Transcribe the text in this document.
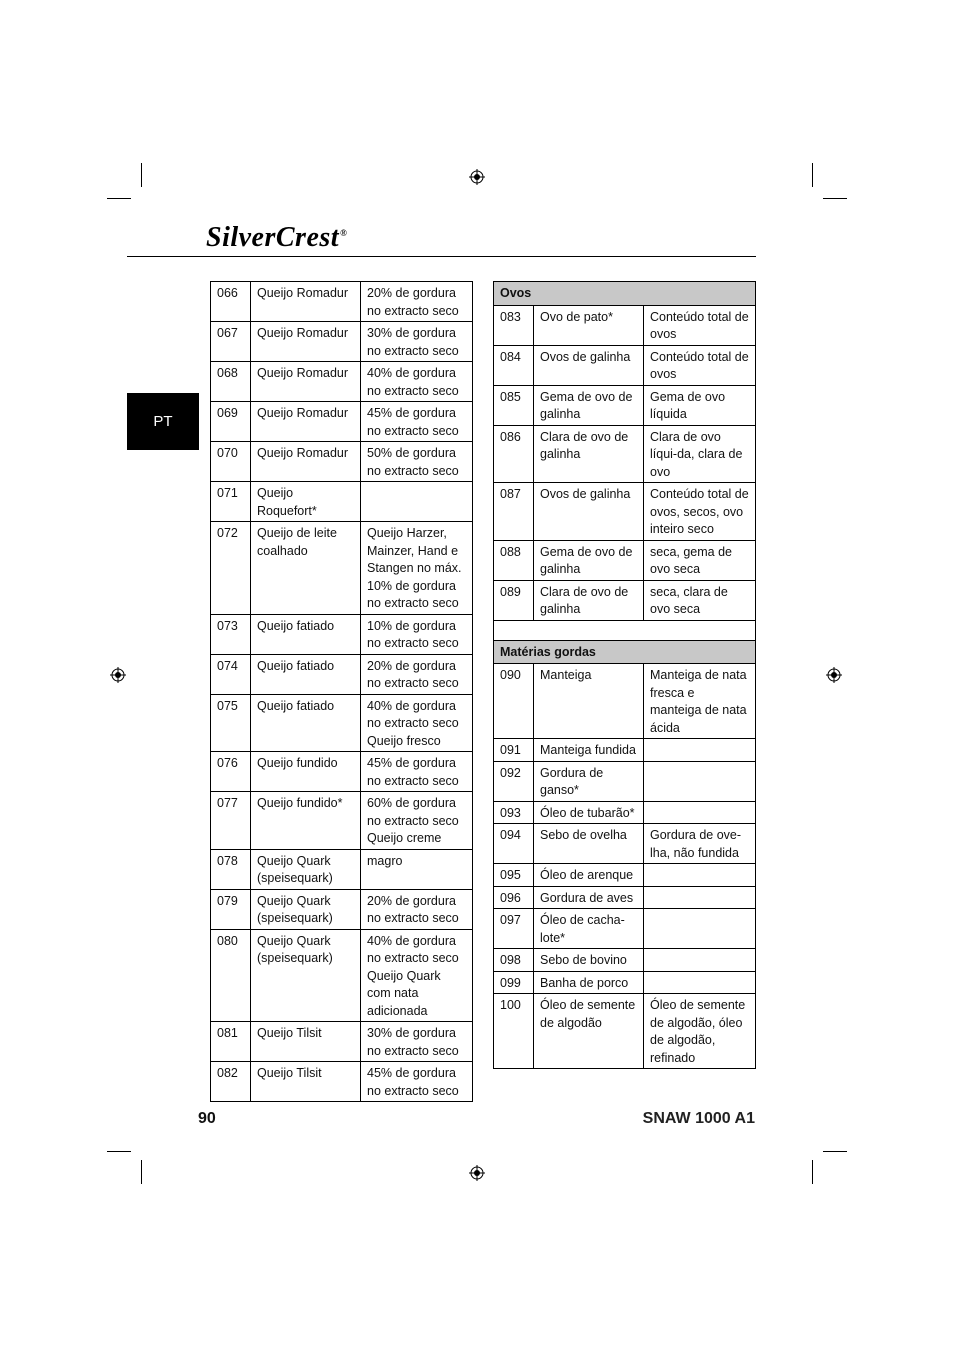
SilverCrest®
PT
066	Queijo Romadur	20% de gordura no extracto seco
067	Queijo Romadur	30% de gordura no extracto seco
068	Queijo Romadur	40% de gordura no extracto seco
069	Queijo Romadur	45% de gordura no extracto seco
070	Queijo Romadur	50% de gordura no extracto seco
071	Queijo Roquefort*	
072	Queijo de leite coalhado	Queijo Harzer, Mainzer, Hand e Stangen no máx. 10% de gordura no extracto seco
073	Queijo fatiado	10% de gordura no extracto seco
074	Queijo fatiado	20% de gordura no extracto seco
075	Queijo fatiado	40% de gordura no extracto seco Queijo fresco
076	Queijo fundido	45% de gordura no extracto seco
077	Queijo fundido*	60% de gordura no extracto seco Queijo creme
078	Queijo Quark (speisequark)	magro
079	Queijo Quark (speisequark)	20% de gordura no extracto seco
080	Queijo Quark (speisequark)	40% de gordura no extracto seco Queijo Quark com nata adicionada
081	Queijo Tilsit	30% de gordura no extracto seco
082	Queijo Tilsit	45% de gordura no extracto seco
Ovos		
083	Ovo de pato*	Conteúdo total de ovos
084	Ovos de galinha	Conteúdo total de ovos
085	Gema de ovo de galinha	Gema de ovo líquida
086	Clara de ovo de galinha	Clara de ovo líqui-da, clara de ovo
087	Ovos de galinha	Conteúdo total de ovos, secos, ovo inteiro seco
088	Gema de ovo de galinha	seca, gema de ovo seca
089	Clara de ovo de galinha	seca, clara de ovo seca

Matérias gordas		
090	Manteiga	Manteiga de nata fresca e manteiga de nata ácida
091	Manteiga fundida	
092	Gordura de ganso*	
093	Óleo de tubarão*	
094	Sebo de ovelha	Gordura de ove-lha, não fundida
095	Óleo de arenque	
096	Gordura de aves	
097	Óleo de cacha-lote*	
098	Sebo de bovino	
099	Banha de porco	
100	Óleo de semente de algodão	Óleo de semente de algodão, óleo de algodão, refinado
90	SNAW 1000 A1
